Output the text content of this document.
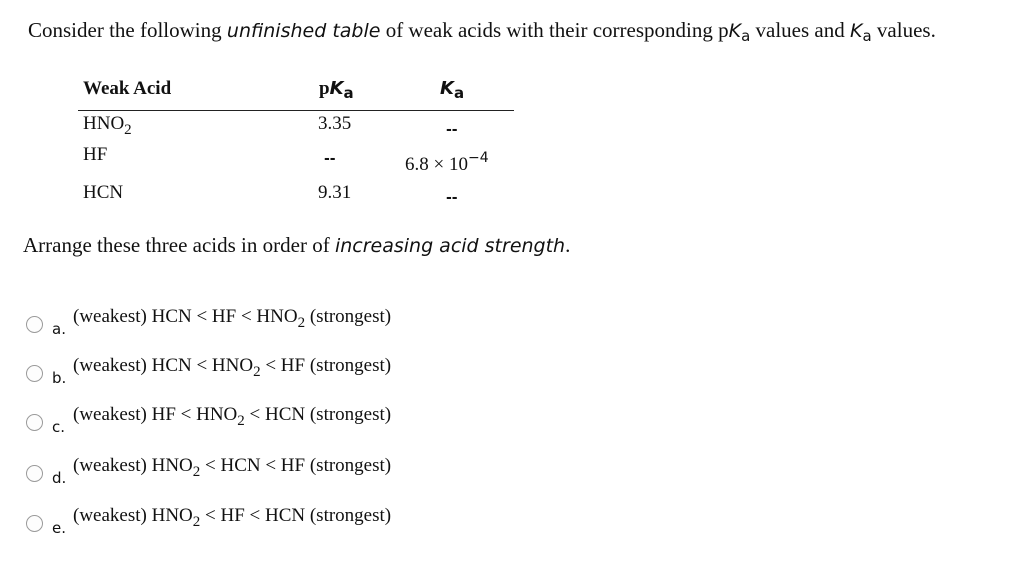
Consider the following unfinished table of weak acids with their corresponding $pK_a$ values and $K_a$ values.
Weak Acid	$pK_a$	$K_a$
$HNO_2$	3.35	--
HF	--	$6.8 \times 10^{-4}$
HCN	9.31	--
Arrange these three acids in order of increasing acid strength.
a.
(weakest) HCN < HF < $HNO_2$ (strongest)
b.
(weakest) HCN < $HNO_2$ < HF (strongest)
c.
(weakest) HF < $HNO_2$ < HCN (strongest)
d.
(weakest) $HNO_2$ < HCN < HF (strongest)
e.
(weakest) $HNO_2$ < HF < HCN (strongest)
